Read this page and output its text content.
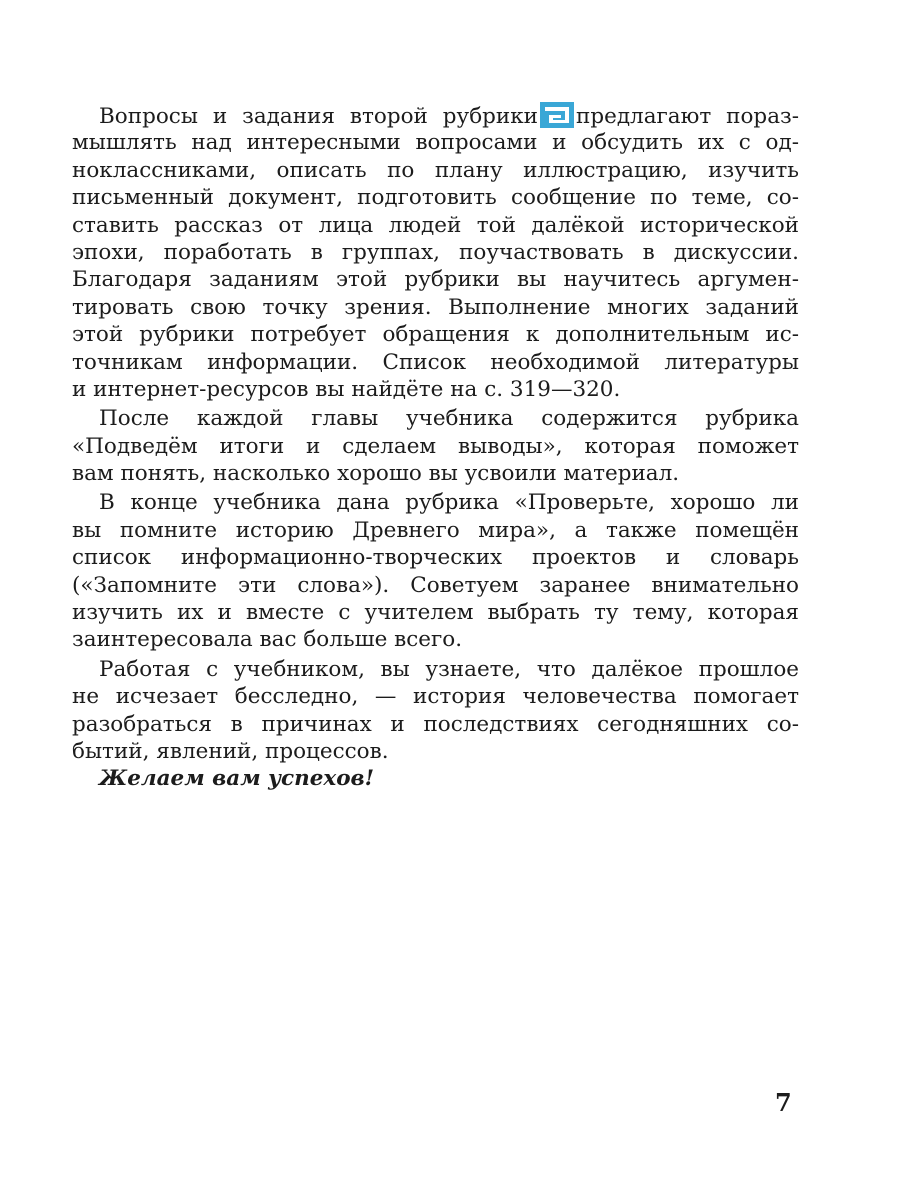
Вопросы и задания второй рубрики предлагают пораз-
мышлять над интересными вопросами и обсудить их с од-
ноклассниками, описать по плану иллюстрацию, изучить
письменный документ, подготовить сообщение по теме, со-
ставить рассказ от лица людей той далёкой исторической
эпохи, поработать в группах, поучаствовать в дискуссии.
Благодаря заданиям этой рубрики вы научитесь аргумен-
тировать свою точку зрения. Выполнение многих заданий
этой рубрики потребует обращения к дополнительным ис-
точникам информации. Список необходимой литературы
и интернет-ресурсов вы найдёте на с. 319—320.
После каждой главы учебника содержится рубрика
«Подведём итоги и сделаем выводы», которая поможет
вам понять, насколько хорошо вы усвоили материал.
В конце учебника дана рубрика «Проверьте, хорошо ли
вы помните историю Древнего мира», а также помещён
список информационно-творческих проектов и словарь
(«Запомните эти слова»). Советуем заранее внимательно
изучить их и вместе с учителем выбрать ту тему, которая
заинтересовала вас больше всего.
Работая с учебником, вы узнаете, что далёкое прошлое
не исчезает бесследно, — история человечества помогает
разобраться в причинах и последствиях сегодняшних со-
бытий, явлений, процессов.
Желаем вам успехов!
7
